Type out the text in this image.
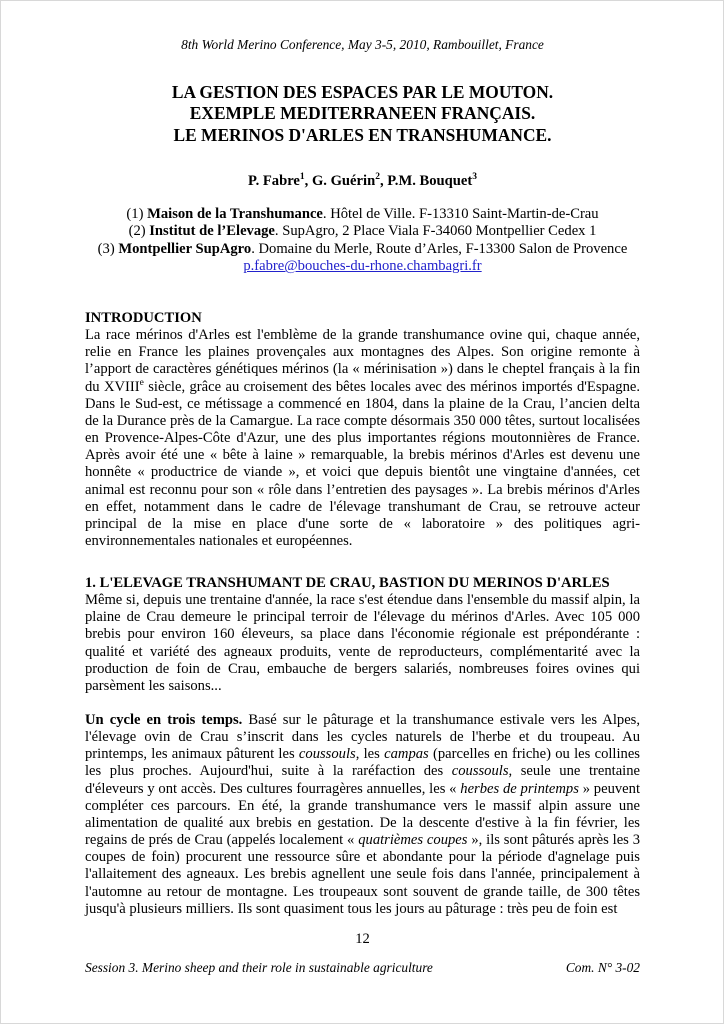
8th World Merino Conference, May 3-5, 2010, Rambouillet, France
LA GESTION DES ESPACES PAR LE MOUTON.
EXEMPLE MEDITERRANEEN FRANÇAIS.
LE MERINOS D'ARLES EN TRANSHUMANCE.
P. Fabre$^1$, G. Guérin$^2$, P.M. Bouquet$^3$
(1) Maison de la Transhumance. Hôtel de Ville. F-13310 Saint-Martin-de-Crau
(2) Institut de l’Elevage. SupAgro, 2 Place Viala F-34060 Montpellier Cedex 1
(3) Montpellier SupAgro. Domaine du Merle, Route d’Arles, F-13300 Salon de Provence
p.fabre@bouches-du-rhone.chambagri.fr

INTRODUCTION

La race mérinos d'Arles est l'emblème de la grande transhumance ovine qui, chaque année, relie en France les plaines provençales aux montagnes des Alpes. Son origine remonte à l’apport de caractères génétiques mérinos (la « mérinisation ») dans le cheptel français à la fin du XVIIIe siècle, grâce au croisement des bêtes locales avec des mérinos importés d'Espagne. Dans le Sud-est, ce métissage a commencé en 1804, dans la plaine de la Crau, l’ancien delta de la Durance près de la Camargue. La race compte désormais 350 000 têtes, surtout localisées en Provence-Alpes-Côte d'Azur, une des plus importantes régions moutonnières de France. Après avoir été une « bête à laine » remarquable, la brebis mérinos d'Arles est devenu une honnête « productrice de viande », et voici que depuis bientôt une vingtaine d'années, cet animal est reconnu pour son « rôle dans l’entretien des paysages ». La brebis mérinos d'Arles en effet, notamment dans le cadre de l'élevage transhumant de Crau, se retrouve acteur principal de la mise en place d'une sorte de « laboratoire » des politiques agri-environnementales nationales et européennes.

1. L'ELEVAGE TRANSHUMANT DE CRAU, BASTION DU MERINOS D'ARLES

Même si, depuis une trentaine d'année, la race s'est étendue dans l'ensemble du massif alpin, la plaine de Crau demeure le principal terroir de l'élevage du mérinos d'Arles. Avec 105 000 brebis pour environ 160 éleveurs, sa place dans l'économie régionale est prépondérante : qualité et variété des agneaux produits, vente de reproducteurs, complémentarité avec la production de foin de Crau, embauche de bergers salariés, nombreuses foires ovines qui parsèment les saisons...

Un cycle en trois temps. Basé sur le pâturage et la transhumance estivale vers les Alpes, l'élevage ovin de Crau s’inscrit dans les cycles naturels de l'herbe et du troupeau. Au printemps, les animaux pâturent les coussouls, les campas (parcelles en friche) ou les collines les plus proches. Aujourd'hui, suite à la raréfaction des coussouls, seule une trentaine d'éleveurs y ont accès. Des cultures fourragères annuelles, les « herbes de printemps » peuvent compléter ces parcours. En été, la grande transhumance vers le massif alpin assure une alimentation de qualité aux brebis en gestation. De la descente d'estive à la fin février, les regains de prés de Crau (appelés localement « quatrièmes coupes », ils sont pâturés après les 3 coupes de foin) procurent une ressource sûre et abondante pour la période d'agnelage puis l'allaitement des agneaux. Les brebis agnellent une seule fois dans l'année, principalement à l'automne au retour de montagne. Les troupeaux sont souvent de grande taille, de 300 têtes jusqu'à plusieurs milliers. Ils sont quasiment tous les jours au pâturage : très peu de foin est

12
Session 3. Merino sheep and their role in sustainable agriculture	Com. N° 3-02
